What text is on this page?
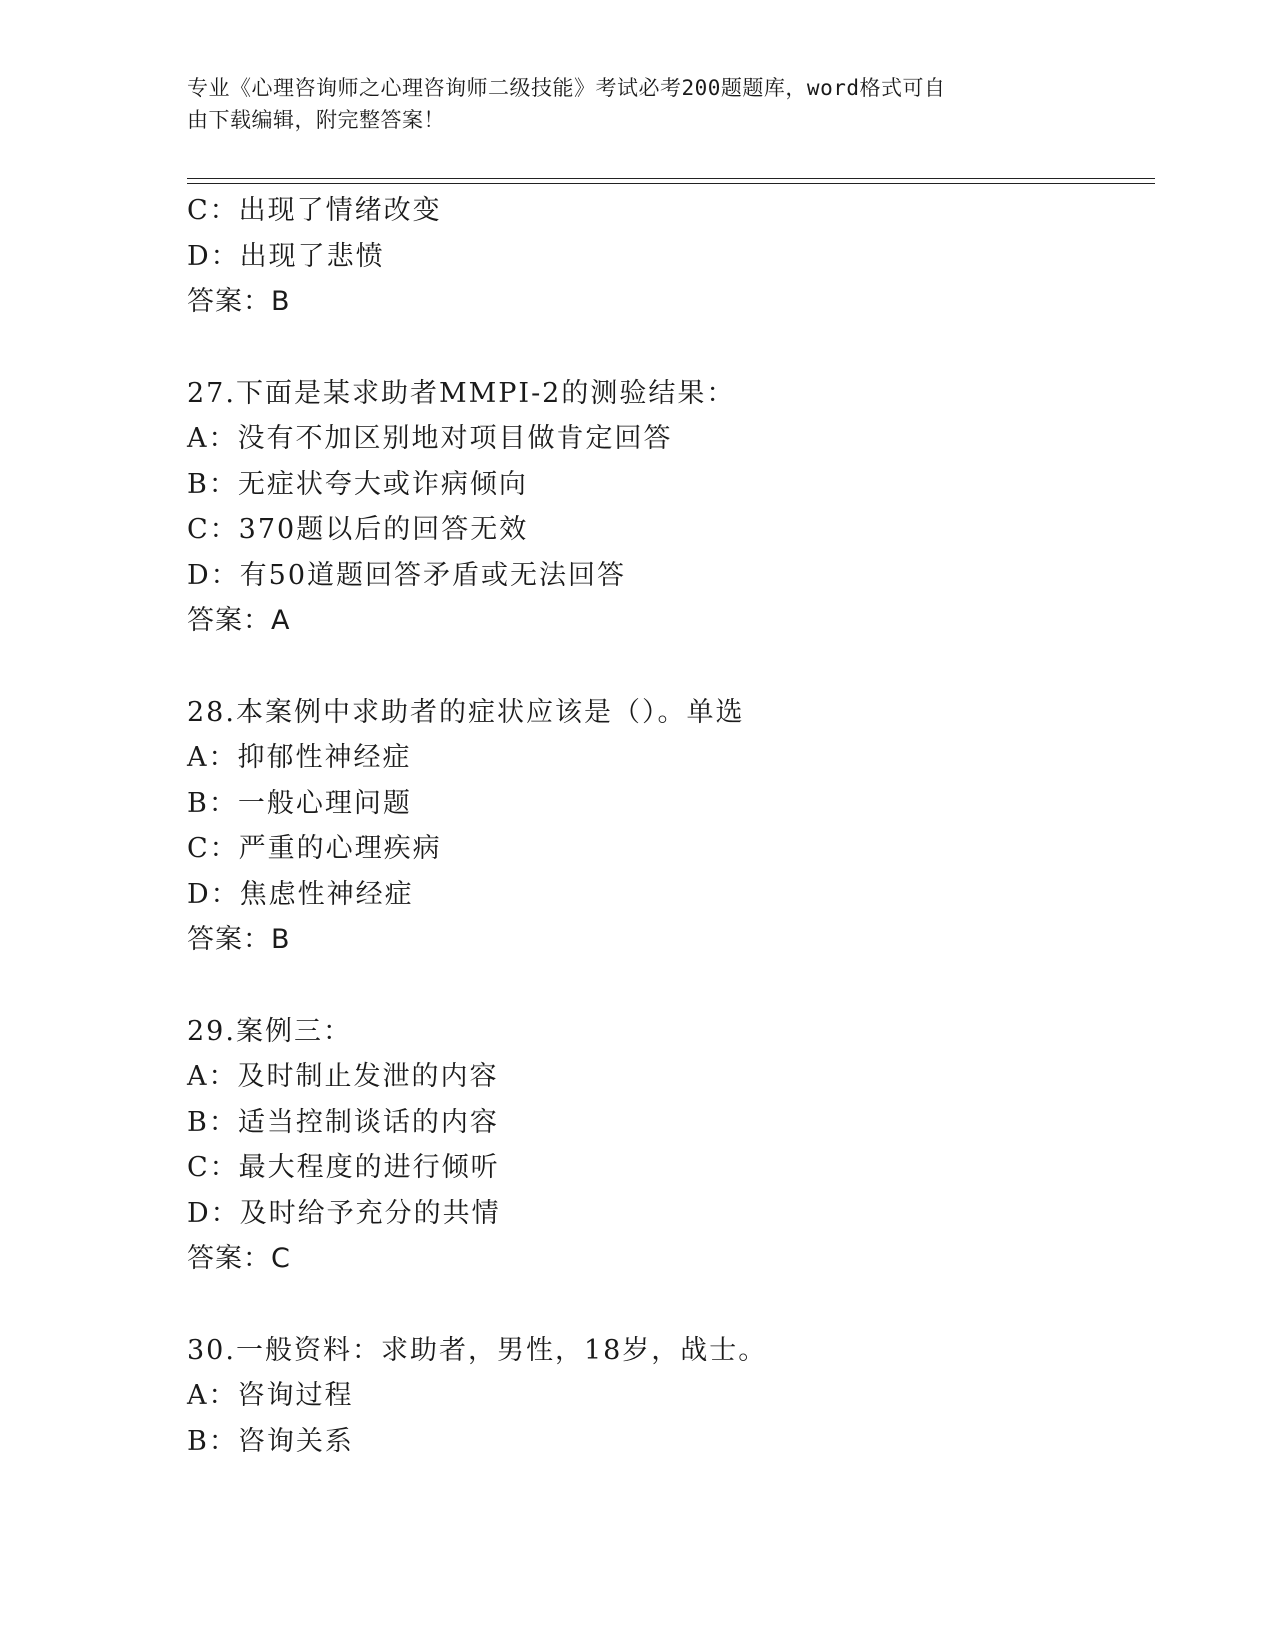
专业《心理咨询师之心理咨询师二级技能》考试必考200题题库，word格式可自
由下载编辑，附完整答案！
C：出现了情绪改变
D：出现了悲愤
答案：B
27.下面是某求助者MMPI-2的测验结果：
A：没有不加区别地对项目做肯定回答
B：无症状夸大或诈病倾向
C：370题以后的回答无效
D：有50道题回答矛盾或无法回答
答案：A
28.本案例中求助者的症状应该是（）。单选
A：抑郁性神经症
B：一般心理问题
C：严重的心理疾病
D：焦虑性神经症
答案：B
29.案例三：
A：及时制止发泄的内容
B：适当控制谈话的内容
C：最大程度的进行倾听
D：及时给予充分的共情
答案：C
30.一般资料：求助者，男性，18岁，战士。
A：咨询过程
B：咨询关系
